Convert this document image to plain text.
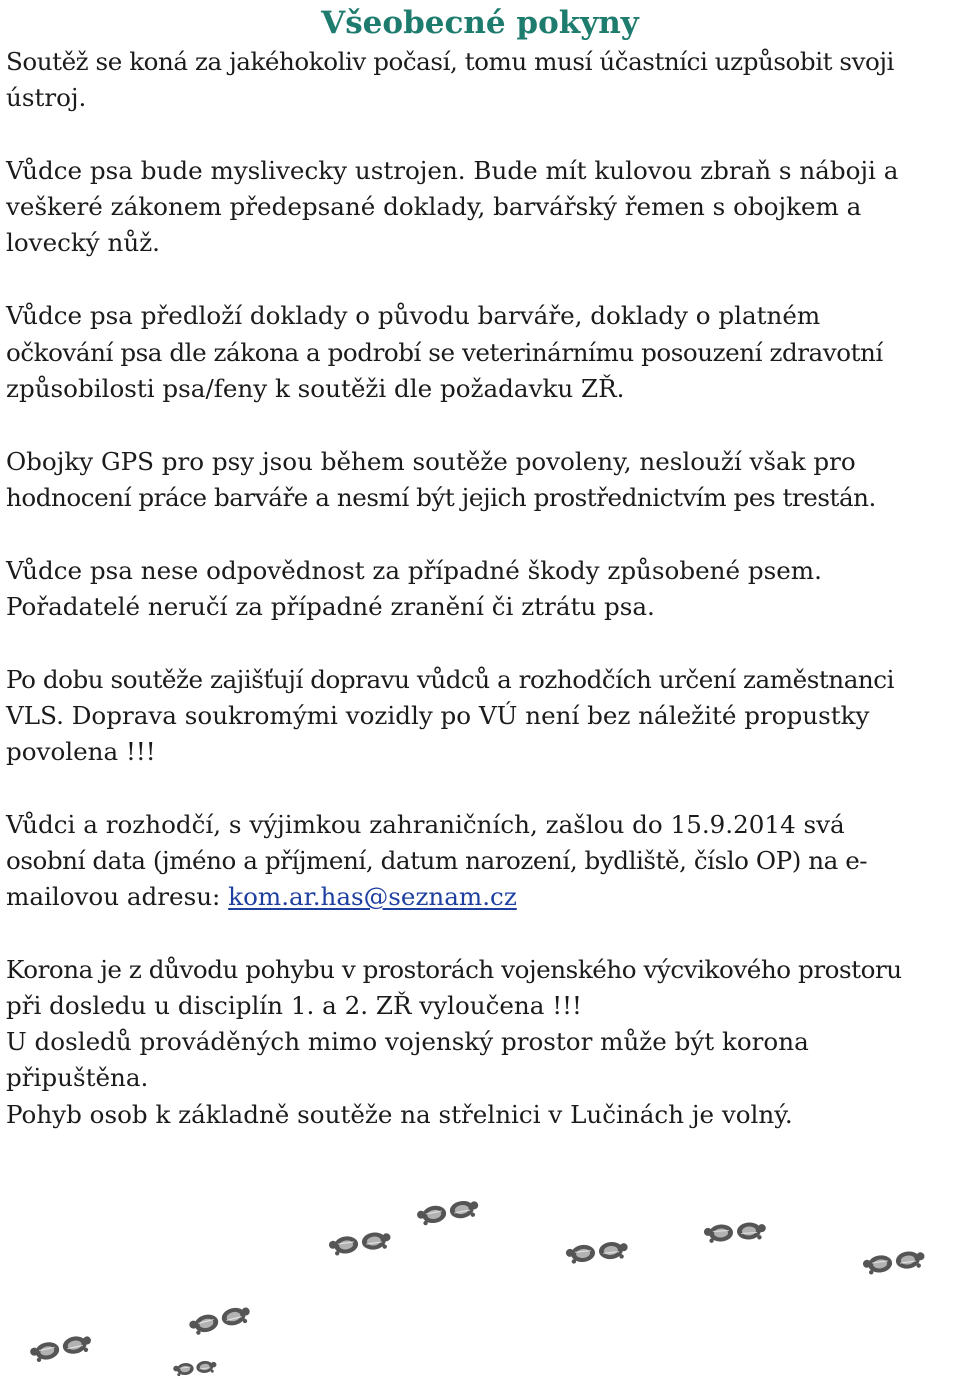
Všeobecné pokyny

Soutěž se koná za jakéhokoliv počasí, tomu musí účastníci uzpůsobit svoji

ústroj.

Vůdce psa bude myslivecky ustrojen. Bude mít kulovou zbraň s náboji a

veškeré zákonem předepsané doklady, barvářský řemen s obojkem a

lovecký nůž.

Vůdce psa předloží doklady o původu barváře, doklady o platném

očkování psa dle zákona a podrobí se veterinárnímu posouzení zdravotní

způsobilosti psa/feny k soutěži dle požadavku ZŘ.

Obojky GPS pro psy jsou během soutěže povoleny, neslouží však pro

hodnocení práce barváře a nesmí být jejich prostřednictvím pes trestán.

Vůdce psa nese odpovědnost za případné škody způsobené psem.

Pořadatelé neručí za případné zranění či ztrátu psa.

Po dobu soutěže zajišťují dopravu vůdců a rozhodčích určení zaměstnanci

VLS. Doprava soukromými vozidly po VÚ není bez náležité propustky

povolena !!!

Vůdci a rozhodčí, s výjimkou zahraničních, zašlou do 15.9.2014 svá

osobní data (jméno a příjmení, datum narození, bydliště, číslo OP) na e-

mailovou adresu: kom.ar.has@seznam.cz

Korona je z důvodu pohybu v prostorách vojenského výcvikového prostoru

při dosledu u disciplín 1. a 2. ZŘ vyloučena !!!

U dosledů prováděných mimo vojenský prostor může být korona

připuštěna.

Pohyb osob k základně soutěže na střelnici v Lučinách je volný.
